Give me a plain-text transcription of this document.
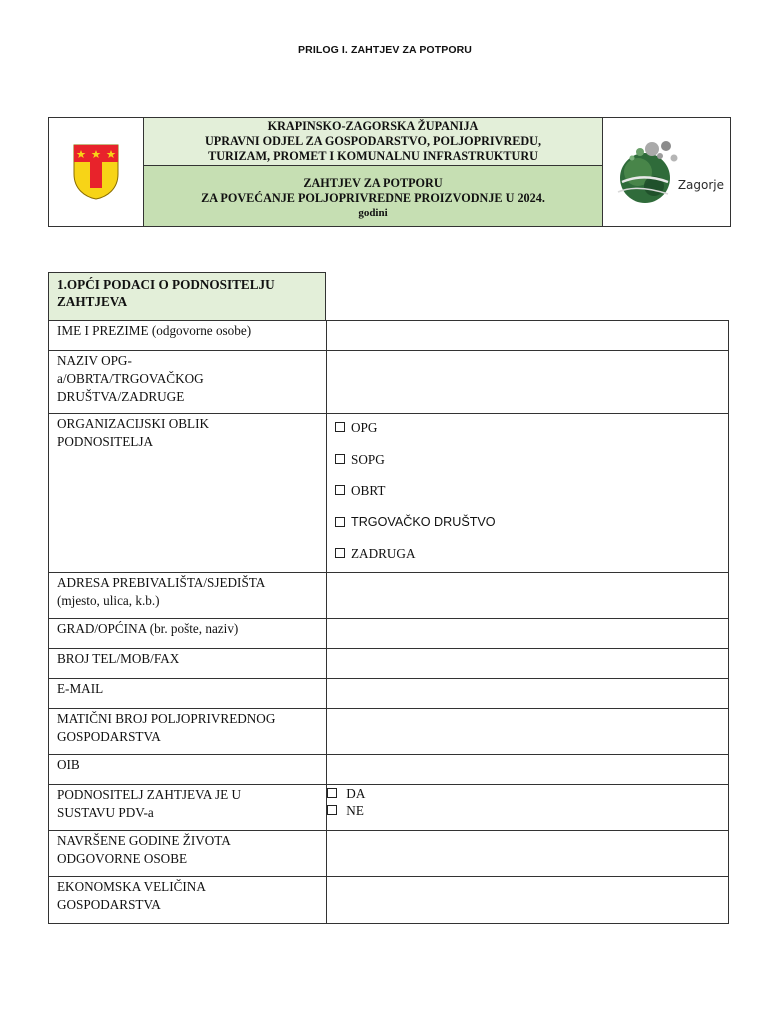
PRILOG I. ZAHTJEV ZA POTPORU
KRAPINSKO-ZAGORSKA ŽUPANIJA
UPRAVNI ODJEL ZA GOSPODARSTVO, POLJOPRIVREDU,
TURIZAM, PROMET I KOMUNALNU INFRASTRUKTURU
ZAHTJEV ZA POTPORU
ZA POVEĆANJE POLJOPRIVREDNE PROIZVODNJE U 2024.
godini
Zagorje
1.OPĆI PODACI O PODNOSITELJU
ZAHTJEVA
IME I PREZIME (odgovorne osobe)
NAZIV OPG-
a/OBRTA/TRGOVAČKOG
DRUŠTVA/ZADRUGE
ORGANIZACIJSKI OBLIK
PODNOSITELJA
OPG
SOPG
OBRT
TRGOVAČKO DRUŠTVO
ZADRUGA
ADRESA PREBIVALIŠTA/SJEDIŠTA
(mjesto, ulica, k.b.)
GRAD/OPĆINA (br. pošte, naziv)
BROJ TEL/MOB/FAX
E-MAIL
MATIČNI BROJ POLJOPRIVREDNOG
GOSPODARSTVA
OIB
PODNOSITELJ ZAHTJEVA JE U
SUSTAVU PDV-a
DA
NE
NAVRŠENE GODINE ŽIVOTA
ODGOVORNE OSOBE
EKONOMSKA VELIČINA
GOSPODARSTVA
